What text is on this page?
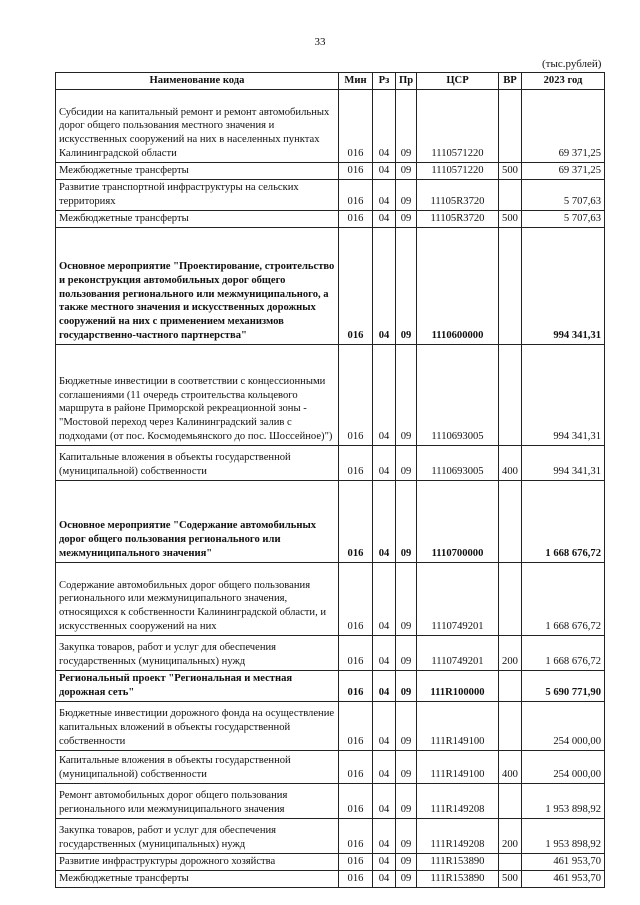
33
(тыс.рублей)
Наименование кода	Мин	Рз	Пр	ЦСР	ВР	2023 год
Субсидии на капитальный ремонт и ремонт автомобильных дорог общего пользования местного значения и искусственных сооружений на них в населенных пунктах Калининградской области	016	04	09	1110571220		69 371,25
Межбюджетные трансферты	016	04	09	1110571220	500	69 371,25
Развитие транспортной инфраструктуры на сельских территориях	016	04	09	11105R3720		5 707,63
Межбюджетные трансферты	016	04	09	11105R3720	500	5 707,63
Основное мероприятие "Проектирование, строительство и реконструкция автомобильных дорог общего пользования регионального или межмуниципального, а также местного значения и искусственных дорожных сооружений на них с применением механизмов государственно-частного партнерства"	016	04	09	1110600000		994 341,31
Бюджетные инвестиции в соответствии с концессионными соглашениями (11 очередь строительства кольцевого маршрута в районе Приморской рекреационной зоны - "Мостовой переход через Калининградский залив с подходами (от пос. Космодемьянского до пос. Шоссейное)")	016	04	09	1110693005		994 341,31
Капитальные вложения в объекты государственной (муниципальной) собственности	016	04	09	1110693005	400	994 341,31
Основное мероприятие "Содержание автомобильных дорог общего пользования регионального или межмуниципального значения"	016	04	09	1110700000		1 668 676,72
Содержание автомобильных дорог общего пользования регионального или межмуниципального значения, относящихся к собственности Калининградской области, и искусственных сооружений на них	016	04	09	1110749201		1 668 676,72
Закупка товаров, работ и услуг для обеспечения государственных (муниципальных) нужд	016	04	09	1110749201	200	1 668 676,72
Региональный проект "Региональная и местная дорожная сеть"	016	04	09	111R100000		5 690 771,90
Бюджетные инвестиции дорожного фонда на осуществление капитальных вложений в объекты государственной собственности	016	04	09	111R149100		254 000,00
Капитальные вложения в объекты государственной (муниципальной) собственности	016	04	09	111R149100	400	254 000,00
Ремонт автомобильных дорог общего пользования регионального или межмуниципального значения	016	04	09	111R149208		1 953 898,92
Закупка товаров, работ и услуг для обеспечения государственных (муниципальных) нужд	016	04	09	111R149208	200	1 953 898,92
Развитие инфраструктуры дорожного хозяйства	016	04	09	111R153890		461 953,70
Межбюджетные трансферты	016	04	09	111R153890	500	461 953,70
